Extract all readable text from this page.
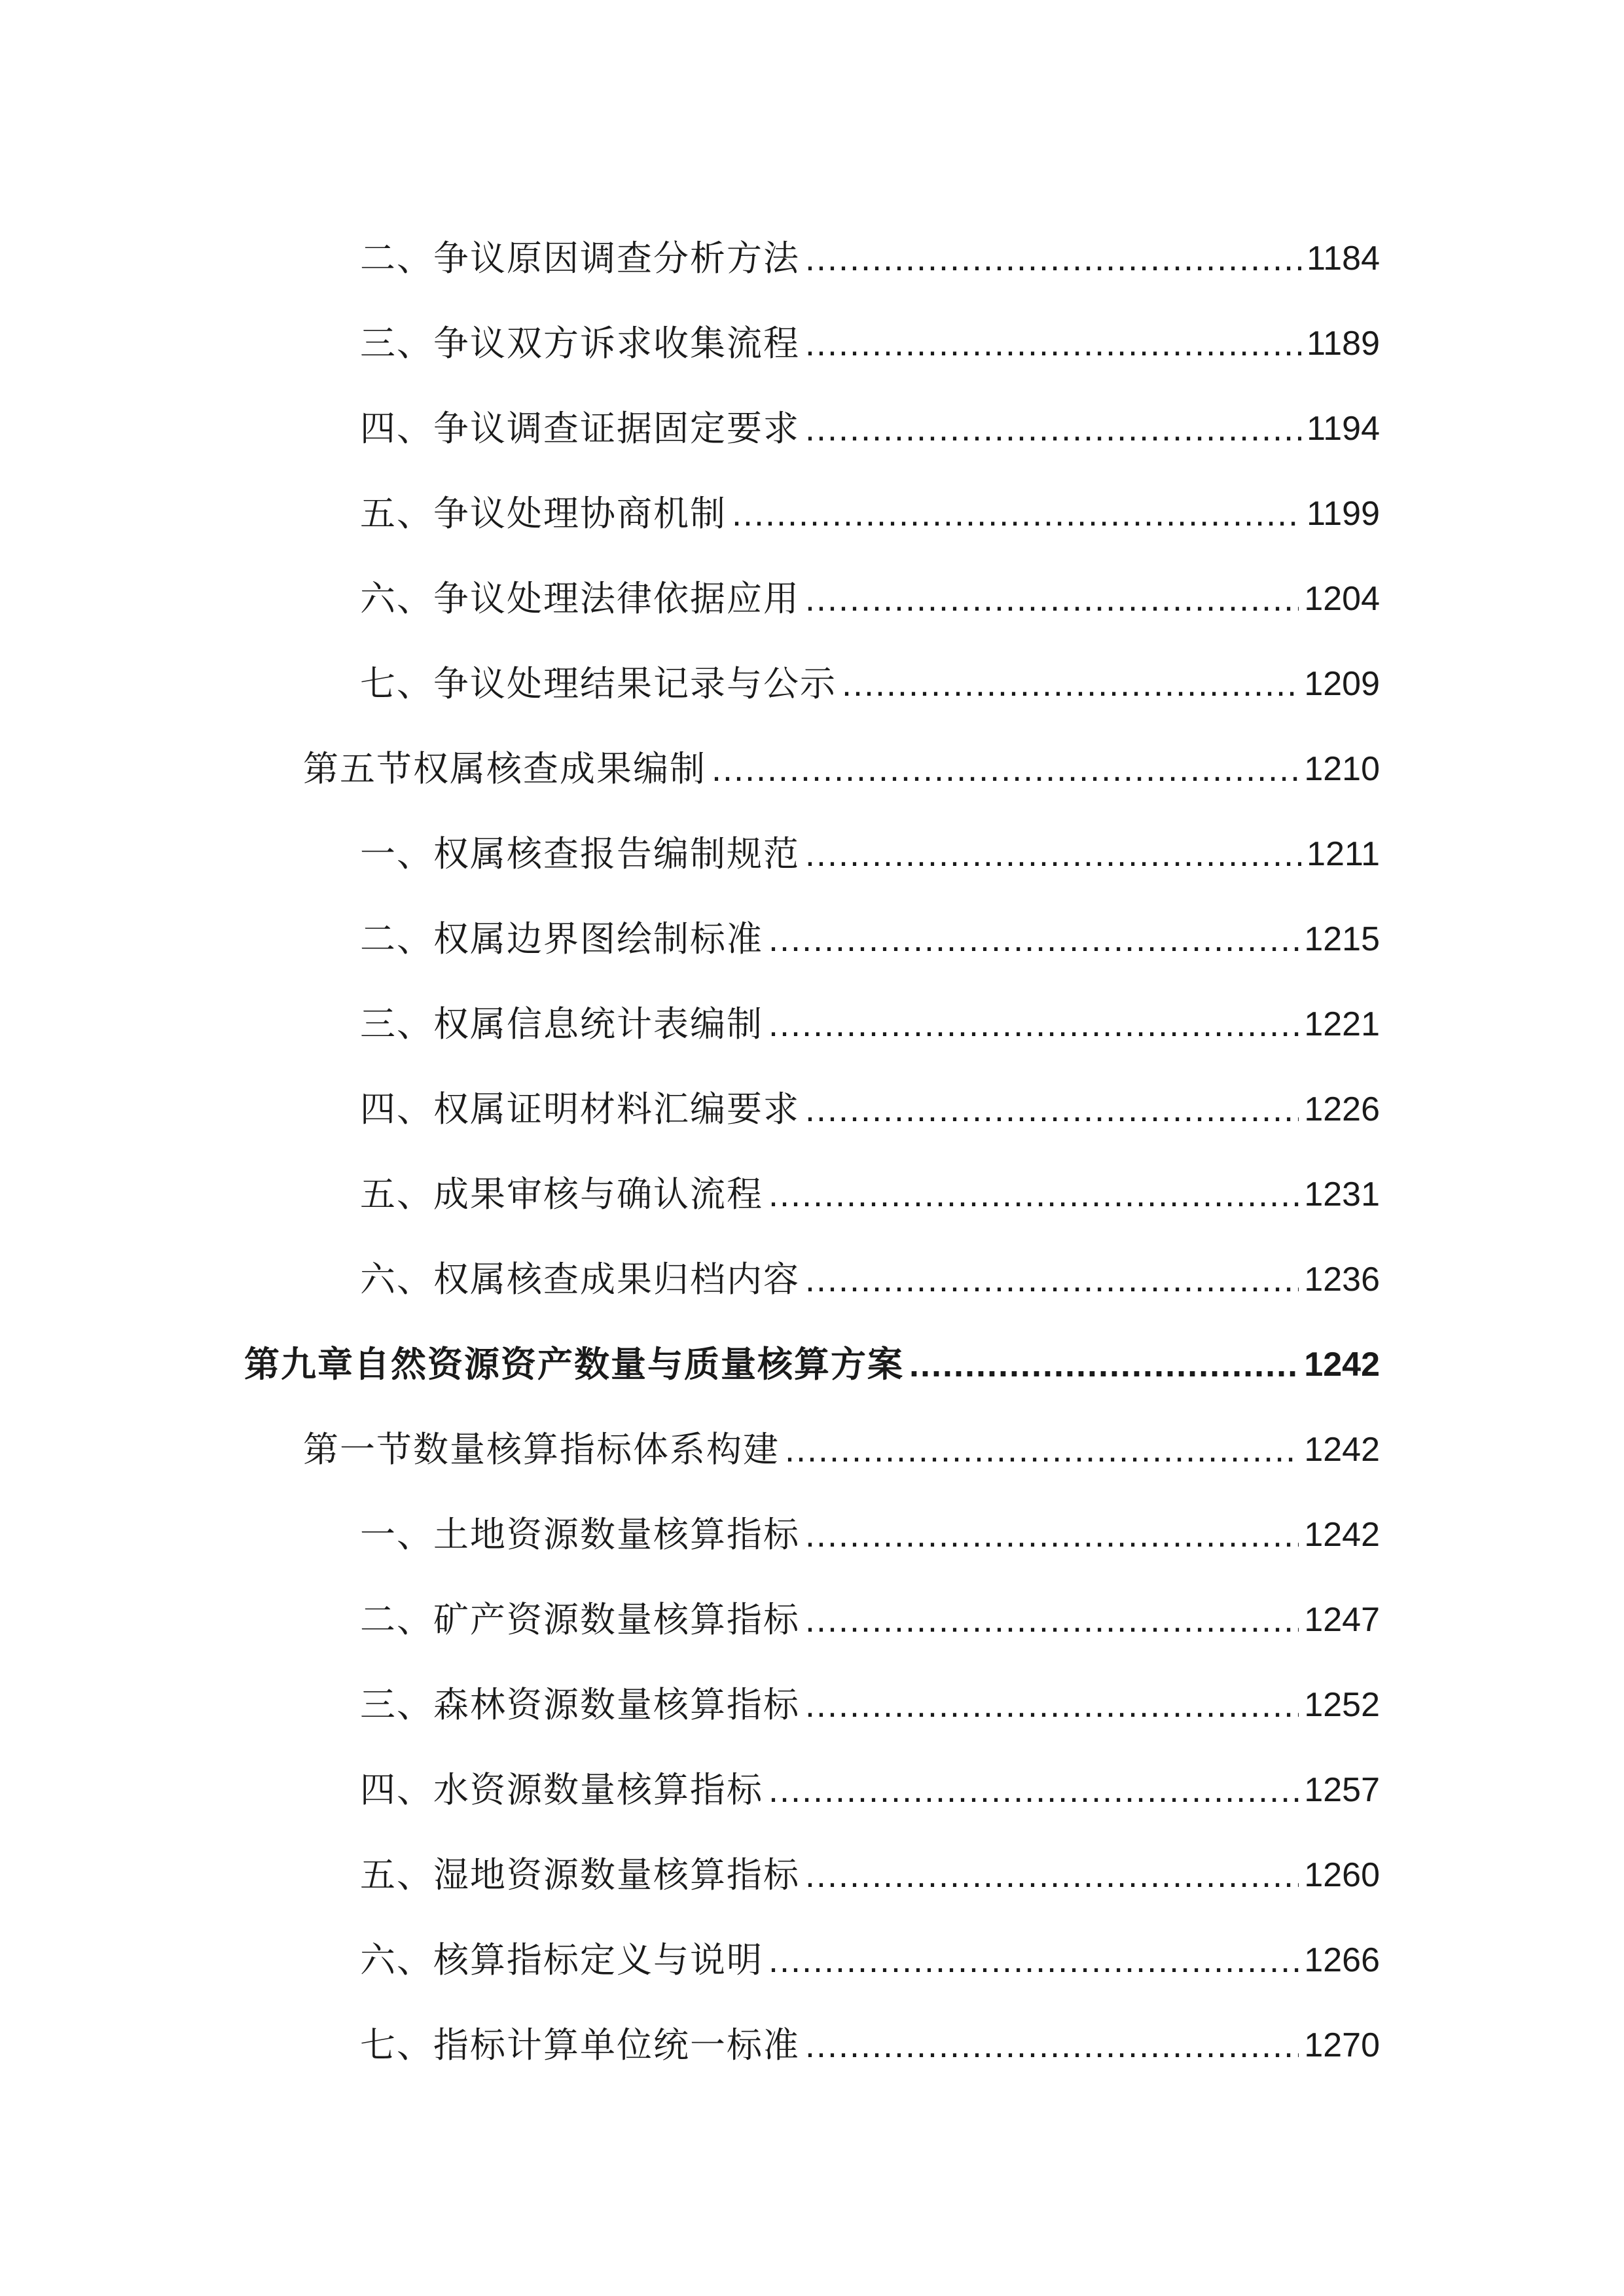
二、争议原因调查分析方法 .....	1184
三、争议双方诉求收集流程 .....	1189
四、争议调查证据固定要求 .....	1194
五、争议处理协商机制 .....	1199
六、争议处理法律依据应用 .....	1204
七、争议处理结果记录与公示 .....	1209
第五节权属核查成果编制 .....	1210
一、权属核查报告编制规范 .....	1211
二、权属边界图绘制标准 .....	1215
三、权属信息统计表编制 .....	1221
四、权属证明材料汇编要求 .....	1226
五、成果审核与确认流程 .....	1231
六、权属核查成果归档内容 .....	1236
第九章自然资源资产数量与质量核算方案 .....	1242
第一节数量核算指标体系构建 .....	1242
一、土地资源数量核算指标 .....	1242
二、矿产资源数量核算指标 .....	1247
三、森林资源数量核算指标 .....	1252
四、水资源数量核算指标 .....	1257
五、湿地资源数量核算指标 .....	1260
六、核算指标定义与说明 .....	1266
七、指标计算单位统一标准 .....	1270
